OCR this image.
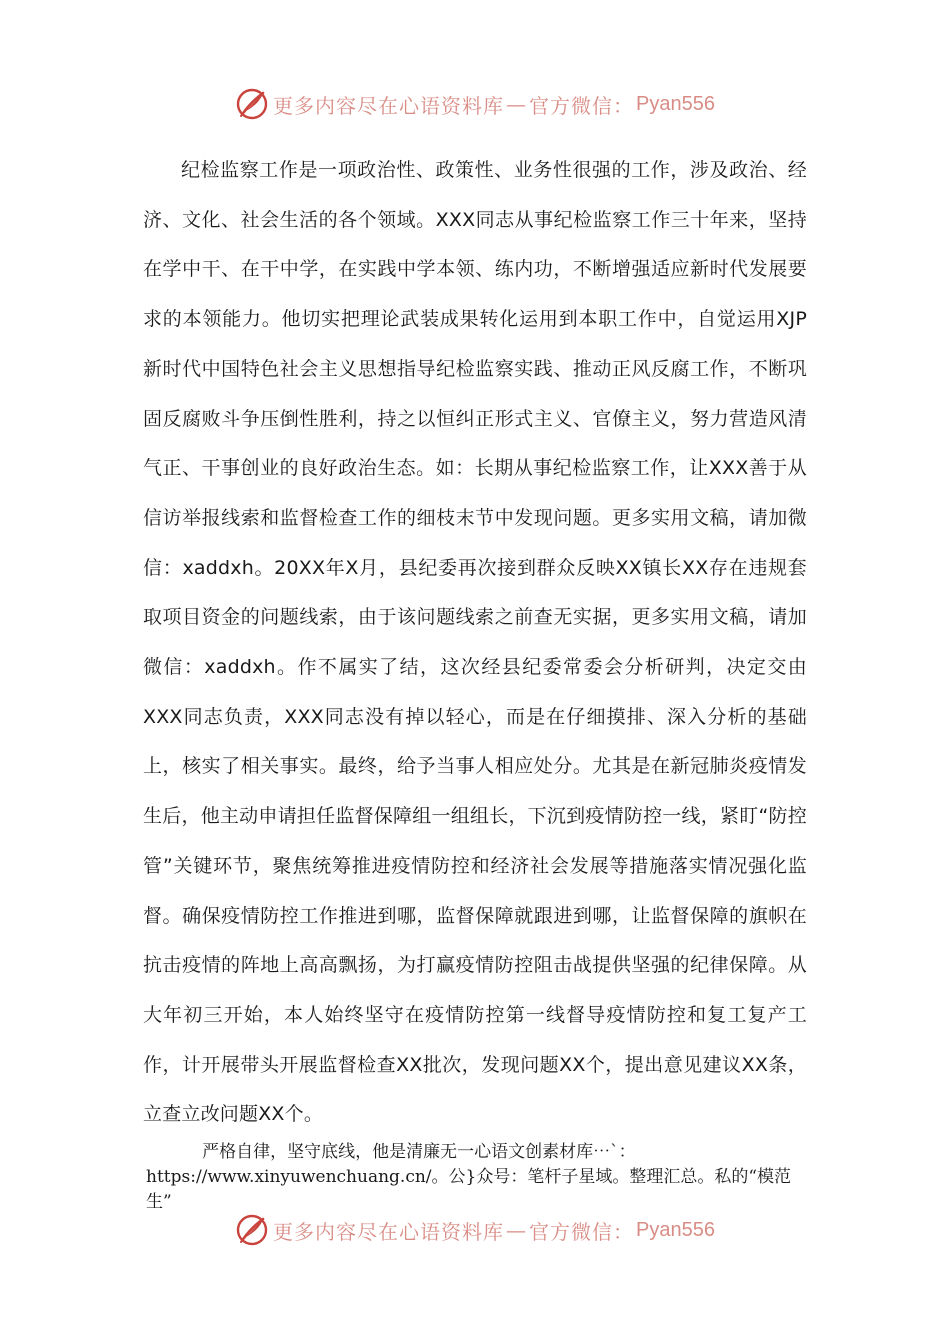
更多内容尽在心语资料库 — 官方微信： Pyan556

纪检监察工作是一项政治性、政策性、业务性很强的工作，涉及政治、经济、文化、社会生活的各个领域。XXX同志从事纪检监察工作三十年来，坚持在学中干、在干中学，在实践中学本领、练内功，不断增强适应新时代发展要求的本领能力。他切实把理论武装成果转化运用到本职工作中，自觉运用XJP新时代中国特色社会主义思想指导纪检监察实践、推动正风反腐工作，不断巩固反腐败斗争压倒性胜利，持之以恒纠正形式主义、官僚主义，努力营造风清气正、干事创业的良好政治生态。如：长期从事纪检监察工作，让XXX善于从信访举报线索和监督检查工作的细枝末节中发现问题。更多实用文稿，请加微信：xaddxh。20XX年X月，县纪委再次接到群众反映XX镇长XX存在违规套取项目资金的问题线索，由于该问题线索之前查无实据，更多实用文稿，请加微信：xaddxh。作不属实了结，这次经县纪委常委会分析研判，决定交由XXX同志负责，XXX同志没有掉以轻心，而是在仔细摸排、深入分析的基础上，核实了相关事实。最终，给予当事人相应处分。尤其是在新冠肺炎疫情发生后，他主动申请担任监督保障组一组组长，下沉到疫情防控一线，紧盯“防控管”关键环节，聚焦统筹推进疫情防控和经济社会发展等措施落实情况强化监督。确保疫情防控工作推进到哪，监督保障就跟进到哪，让监督保障的旗帜在抗击疫情的阵地上高高飘扬，为打赢疫情防控阻击战提供坚强的纪律保障。从大年初三开始，本人始终坚守在疫情防控第一线督导疫情防控和复工复产工作，计开展带头开展监督检查XX批次，发现问题XX个，提出意见建议XX条，立查立改问题XX个。

严格自律，坚守底线，他是清廉无一心语文创素材库⋯`：https://www.xinyuwenchuang.cn/。公}众号：笔杆子星域。整理汇总。私的“模范生”

更多内容尽在心语资料库 — 官方微信： Pyan556
